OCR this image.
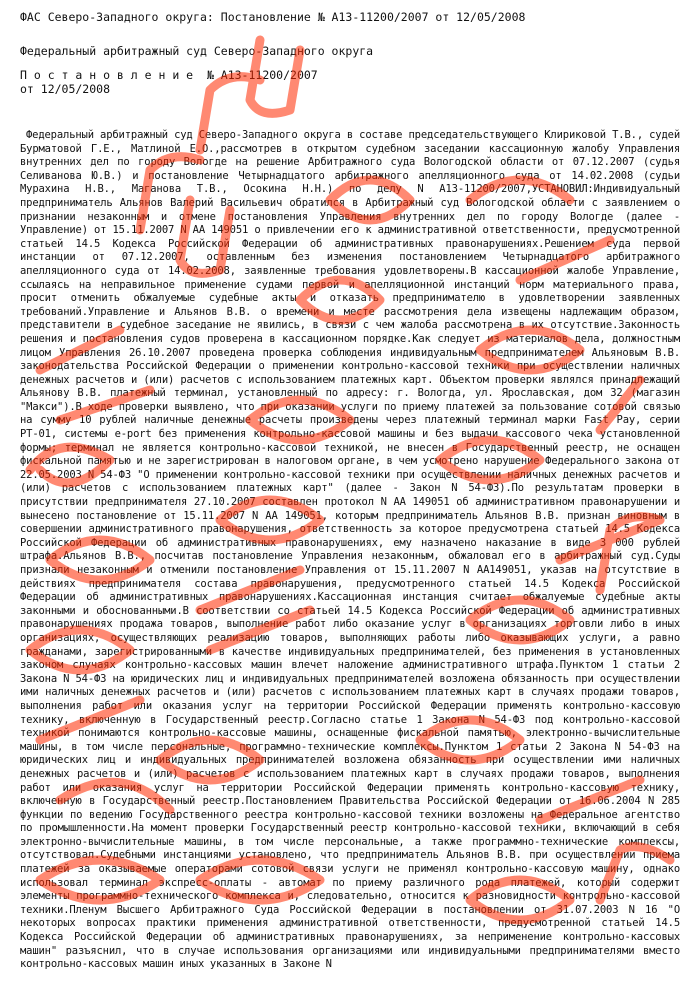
ФАС Северо-Западного округа: Постановление № А13-11200/2007 от 12/05/2008
Федеральный арбитражный суд Северо-Западного округа
П о с т а н о в л е н и е  № А13-11200/2007
от 12/05/2008

Федеральный арбитражный суд Северо-Западного округа в составе председательствующего Клириковой Т.В., судей Бурматовой Г.Е., Матлиной Е.О.,рассмотрев в открытом судебном заседании кассационную жалобу Управления внутренних дел по городу Вологде на решение Арбитражного суда Вологодской области от 07.12.2007 (судья Селиванова Ю.В.) и постановление Четырнадцатого арбитражного апелляционного суда от 14.02.2008 (судьи Мурахина Н.В., Маганова Т.В., Осокина Н.Н.) по делу N А13-11200/2007,УСТАНОВИЛ:Индивидуальный предприниматель Альянов Валерий Васильевич обратился в Арбитражный суд Вологодской области с заявлением о признании незаконным и отмене постановления Управления внутренних дел по городу Вологде (далее - Управление) от 15.11.2007 N АА 149051 о привлечении его к административной ответственности, предусмотренной статьей 14.5 Кодекса Российской Федерации об административных правонарушениях.Решением суда первой инстанции от 07.12.2007, оставленным без изменения постановлением Четырнадцатого арбитражного апелляционного суда от 14.02.2008, заявленные требования удовлетворены.В кассационной жалобе Управление, ссылаясь на неправильное применение судами первой и апелляционной инстанций норм материального права, просит отменить обжалуемые судебные акты и отказать предпринимателю в удовлетворении заявленных требований.Управление и Альянов В.В. о времени и месте рассмотрения дела извещены надлежащим образом, представители в судебное заседание не явились, в связи с чем жалоба рассмотрена в их отсутствие.Законность решения и постановления судов проверена в кассационном порядке.Как следует из материалов дела, должностным лицом Управления 26.10.2007 проведена проверка соблюдения индивидуальным предпринимателем Альяновым В.В. законодательства Российской Федерации о применении контрольно-кассовой техники при осуществлении наличных денежных расчетов и (или) расчетов с использованием платежных карт. Объектом проверки являлся принадлежащий Альянову В.В. платежный терминал, установленный по адресу: г. Вологда, ул. Ярославская, дом 32 (магазин "Макси").В ходе проверки выявлено, что при оказании услуги по приему платежей за пользование сотовой связью на сумму 10 рублей наличные денежные расчеты произведены через платежный терминал марки Fast Pay, серии РТ-01, системы е-port без применения контрольно-кассовой машины и без выдачи кассового чека установленной формы; терминал не является контрольно-кассовой техникой, не внесен в Государственный реестр, не оснащен фискальной памятью и не зарегистрирован в налоговом органе, в чем усмотрено нарушение Федерального закона от 22.05.2003 N 54-ФЗ "О применении контрольно-кассовой техники при осуществлении наличных денежных расчетов и (или) расчетов с использованием платежных карт" (далее - Закон N 54-ФЗ).По результатам проверки в присутствии предпринимателя 27.10.2007 составлен протокол N АА 149051 об административном правонарушении и вынесено постановление от 15.11.2007 N АА 149051, которым предприниматель Альянов В.В. признан виновным в совершении административного правонарушения, ответственность за которое предусмотрена статьей 14.5 Кодекса Российской Федерации об административных правонарушениях, ему назначено наказание в виде 3 000 рублей штрафа.Альянов В.В., посчитав постановление Управления незаконным, обжаловал его в арбитражный суд.Суды признали незаконным и отменили постановление Управления от 15.11.2007 N АА149051, указав на отсутствие в действиях предпринимателя состава правонарушения, предусмотренного статьей 14.5 Кодекса Российской Федерации об административных правонарушениях.Кассационная инстанция считает обжалуемые судебные акты законными и обоснованными.В соответствии со статьей 14.5 Кодекса Российской Федерации об административных правонарушениях продажа товаров, выполнение работ либо оказание услуг в организациях торговли либо в иных организациях, осуществляющих реализацию товаров, выполняющих работы либо оказывающих услуги, а равно гражданами, зарегистрированными в качестве индивидуальных предпринимателей, без применения в установленных законом случаях контрольно-кассовых машин влечет наложение административного штрафа.Пунктом 1 статьи 2 Закона N 54-ФЗ на юридических лиц и индивидуальных предпринимателей возложена обязанность при осуществлении ими наличных денежных расчетов и (или) расчетов с использованием платежных карт в случаях продажи товаров, выполнения работ или оказания услуг на территории Российской Федерации применять контрольно-кассовую технику, включенную в Государственный реестр.Согласно статье 1 Закона N 54-ФЗ под контрольно-кассовой техникой понимаются контрольно-кассовые машины, оснащенные фискальной памятью, электронно-вычислительные машины, в том числе персональные, программно-технические комплексы.Пунктом 1 статьи 2 Закона N 54-ФЗ на юридических лиц и индивидуальных предпринимателей возложена обязанность при осуществлении ими наличных денежных расчетов и (или) расчетов с использованием платежных карт в случаях продажи товаров, выполнения работ или оказания услуг на территории Российской Федерации применять контрольно-кассовую технику, включенную в Государственный реестр.Постановлением Правительства Российской Федерации от 16.06.2004 N 285 функции по ведению Государственного реестра контрольно-кассовой техники возложены на Федеральное агентство по промышленности.На момент проверки Государственный реестр контрольно-кассовой техники, включающий в себя электронно-вычислительные машины, в том числе персональные, а также программно-технические комплексы, отсутствовал.Судебными инстанциями установлено, что предприниматель Альянов В.В. при осуществлении приема платежей за оказываемые операторами сотовой связи услуги не применял контрольно-кассовую машину, однако использовал терминал экспресс-оплаты - автомат по приему различного рода платежей, который содержит элементы программно-технического комплекса и, следовательно, относится к разновидности контрольно-кассовой техники.Пленум Высшего Арбитражного Суда Российской Федерации в постановлении от 31.07.2003 N 16 "О некоторых вопросах практики применения административной ответственности, предусмотренной статьей 14.5 Кодекса Российской Федерации об административных правонарушениях, за неприменение контрольно-кассовых машин" разъяснил, что в случае использования организациями или индивидуальными предпринимателями вместо контрольно-кассовых машин иных указанных в Законе N
